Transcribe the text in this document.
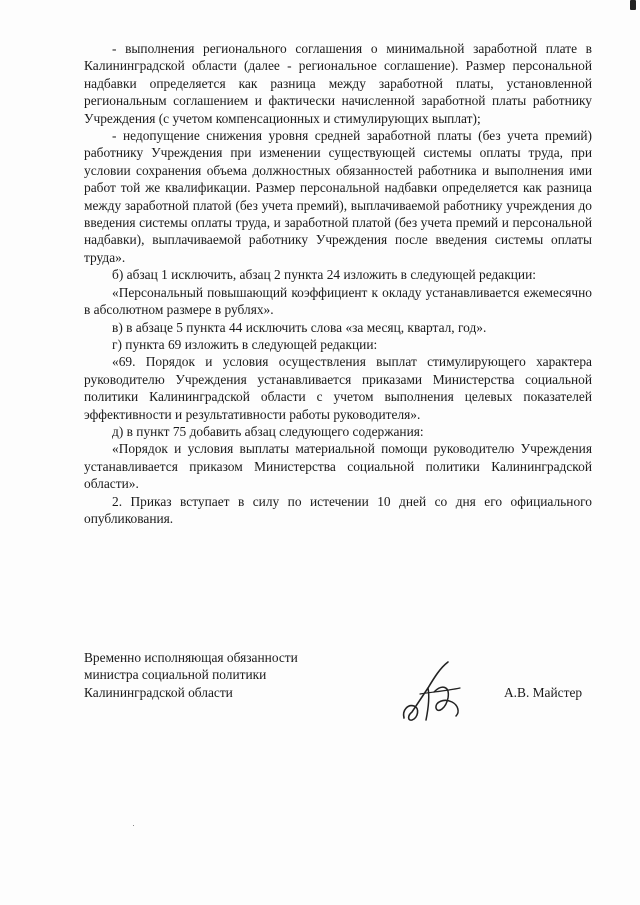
- выполнения регионального соглашения о минимальной заработной плате в Калининградской области (далее - региональное соглашение). Размер персональной надбавки определяется как разница между заработной платы, установленной региональным соглашением и фактически начисленной заработной платы работнику Учреждения (с учетом компенсационных и стимулирующих выплат);

- недопущение снижения уровня средней заработной платы (без учета премий) работнику Учреждения при изменении существующей системы оплаты труда, при условии сохранения объема должностных обязанностей работника и выполнения ими работ той же квалификации. Размер персональной надбавки определяется как разница между заработной платой (без учета премий), выплачиваемой работнику учреждения до введения системы оплаты труда, и заработной платой (без учета премий и персональной надбавки), выплачиваемой работнику Учреждения после введения системы оплаты труда».

б) абзац 1 исключить, абзац 2 пункта 24 изложить в следующей редакции:

«Персональный повышающий коэффициент к окладу устанавливается ежемесячно в абсолютном размере в рублях».

в) в абзаце 5 пункта 44 исключить слова «за месяц, квартал, год».

г) пункта 69 изложить в следующей редакции:

«69. Порядок и условия осуществления выплат стимулирующего характера руководителю Учреждения устанавливается приказами Министерства социальной политики Калининградской области с учетом выполнения целевых показателей эффективности и результативности работы руководителя».

д) в пункт 75 добавить абзац следующего содержания:

«Порядок и условия выплаты материальной помощи руководителю Учреждения устанавливается приказом Министерства социальной политики Калининградской области».

2. Приказ вступает в силу по истечении 10 дней со дня его официального опубликования.

Временно исполняющая обязанности
министра социальной политики
Калининградской области	А.В. Майстер
